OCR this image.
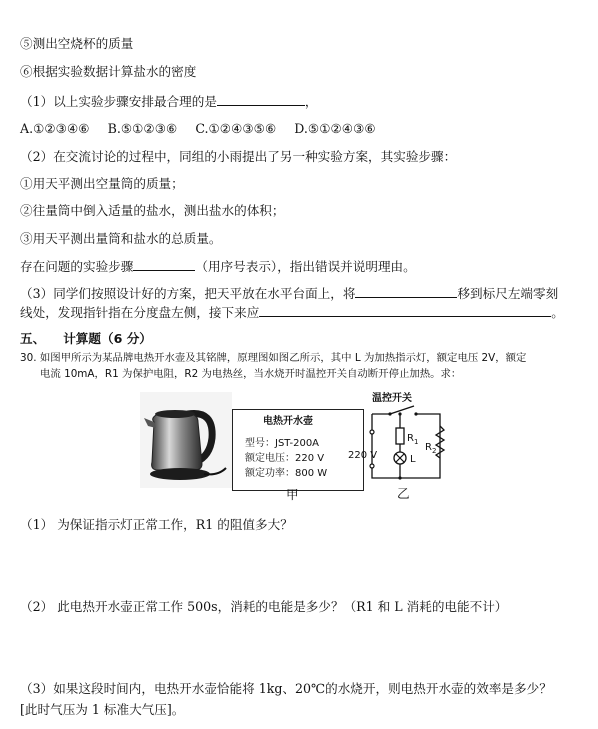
⑤测出空烧杯的质量
⑥根据实验数据计算盐水的密度
（1）以上实验步骤安排最合理的是	，
A.①②③④⑥ B.⑤①②③⑥ C.①②④③⑤⑥ D.⑤①②④③⑥
（2）在交流讨论的过程中，同组的小雨提出了另一种实验方案，其实验步骤：
①用天平测出空量筒的质量；
②往量筒中倒入适量的盐水，测出盐水的体积；
③用天平测出量筒和盐水的总质量。
存在问题的实验步骤	（用序号表示），指出错误并说明理由。
（3）同学们按照设计好的方案，把天平放在水平台面上，将	移到标尺左端零刻
线处，发现指针指在分度盘左侧，接下来应	。
五、 计算题（6 分）
30. 如图甲所示为某品牌电热开水壶及其铭牌，原理图如图乙所示，其中 L 为加热指示灯，额定电压 2V，额定
电流 10mA，R1 为保护电阻，R2 为电热丝，当水烧开时温控开关自动断开停止加热。求：
电热开水壶
型号：JST-200A
额定电压：220 V
额定功率：800 W
甲
温控开关
220 V
$R_1$ $R_2$
L
乙
（1） 为保证指示灯正常工作，R1 的阻值多大？
（2） 此电热开水壶正常工作 500s，消耗的电能是多少？（R1 和 L 消耗的电能不计）
（3）如果这段时间内，电热开水壶恰能将 1kg、20℃的水烧开，则电热开水壶的效率是多少？
[此时气压为 1 标准大气压]。
